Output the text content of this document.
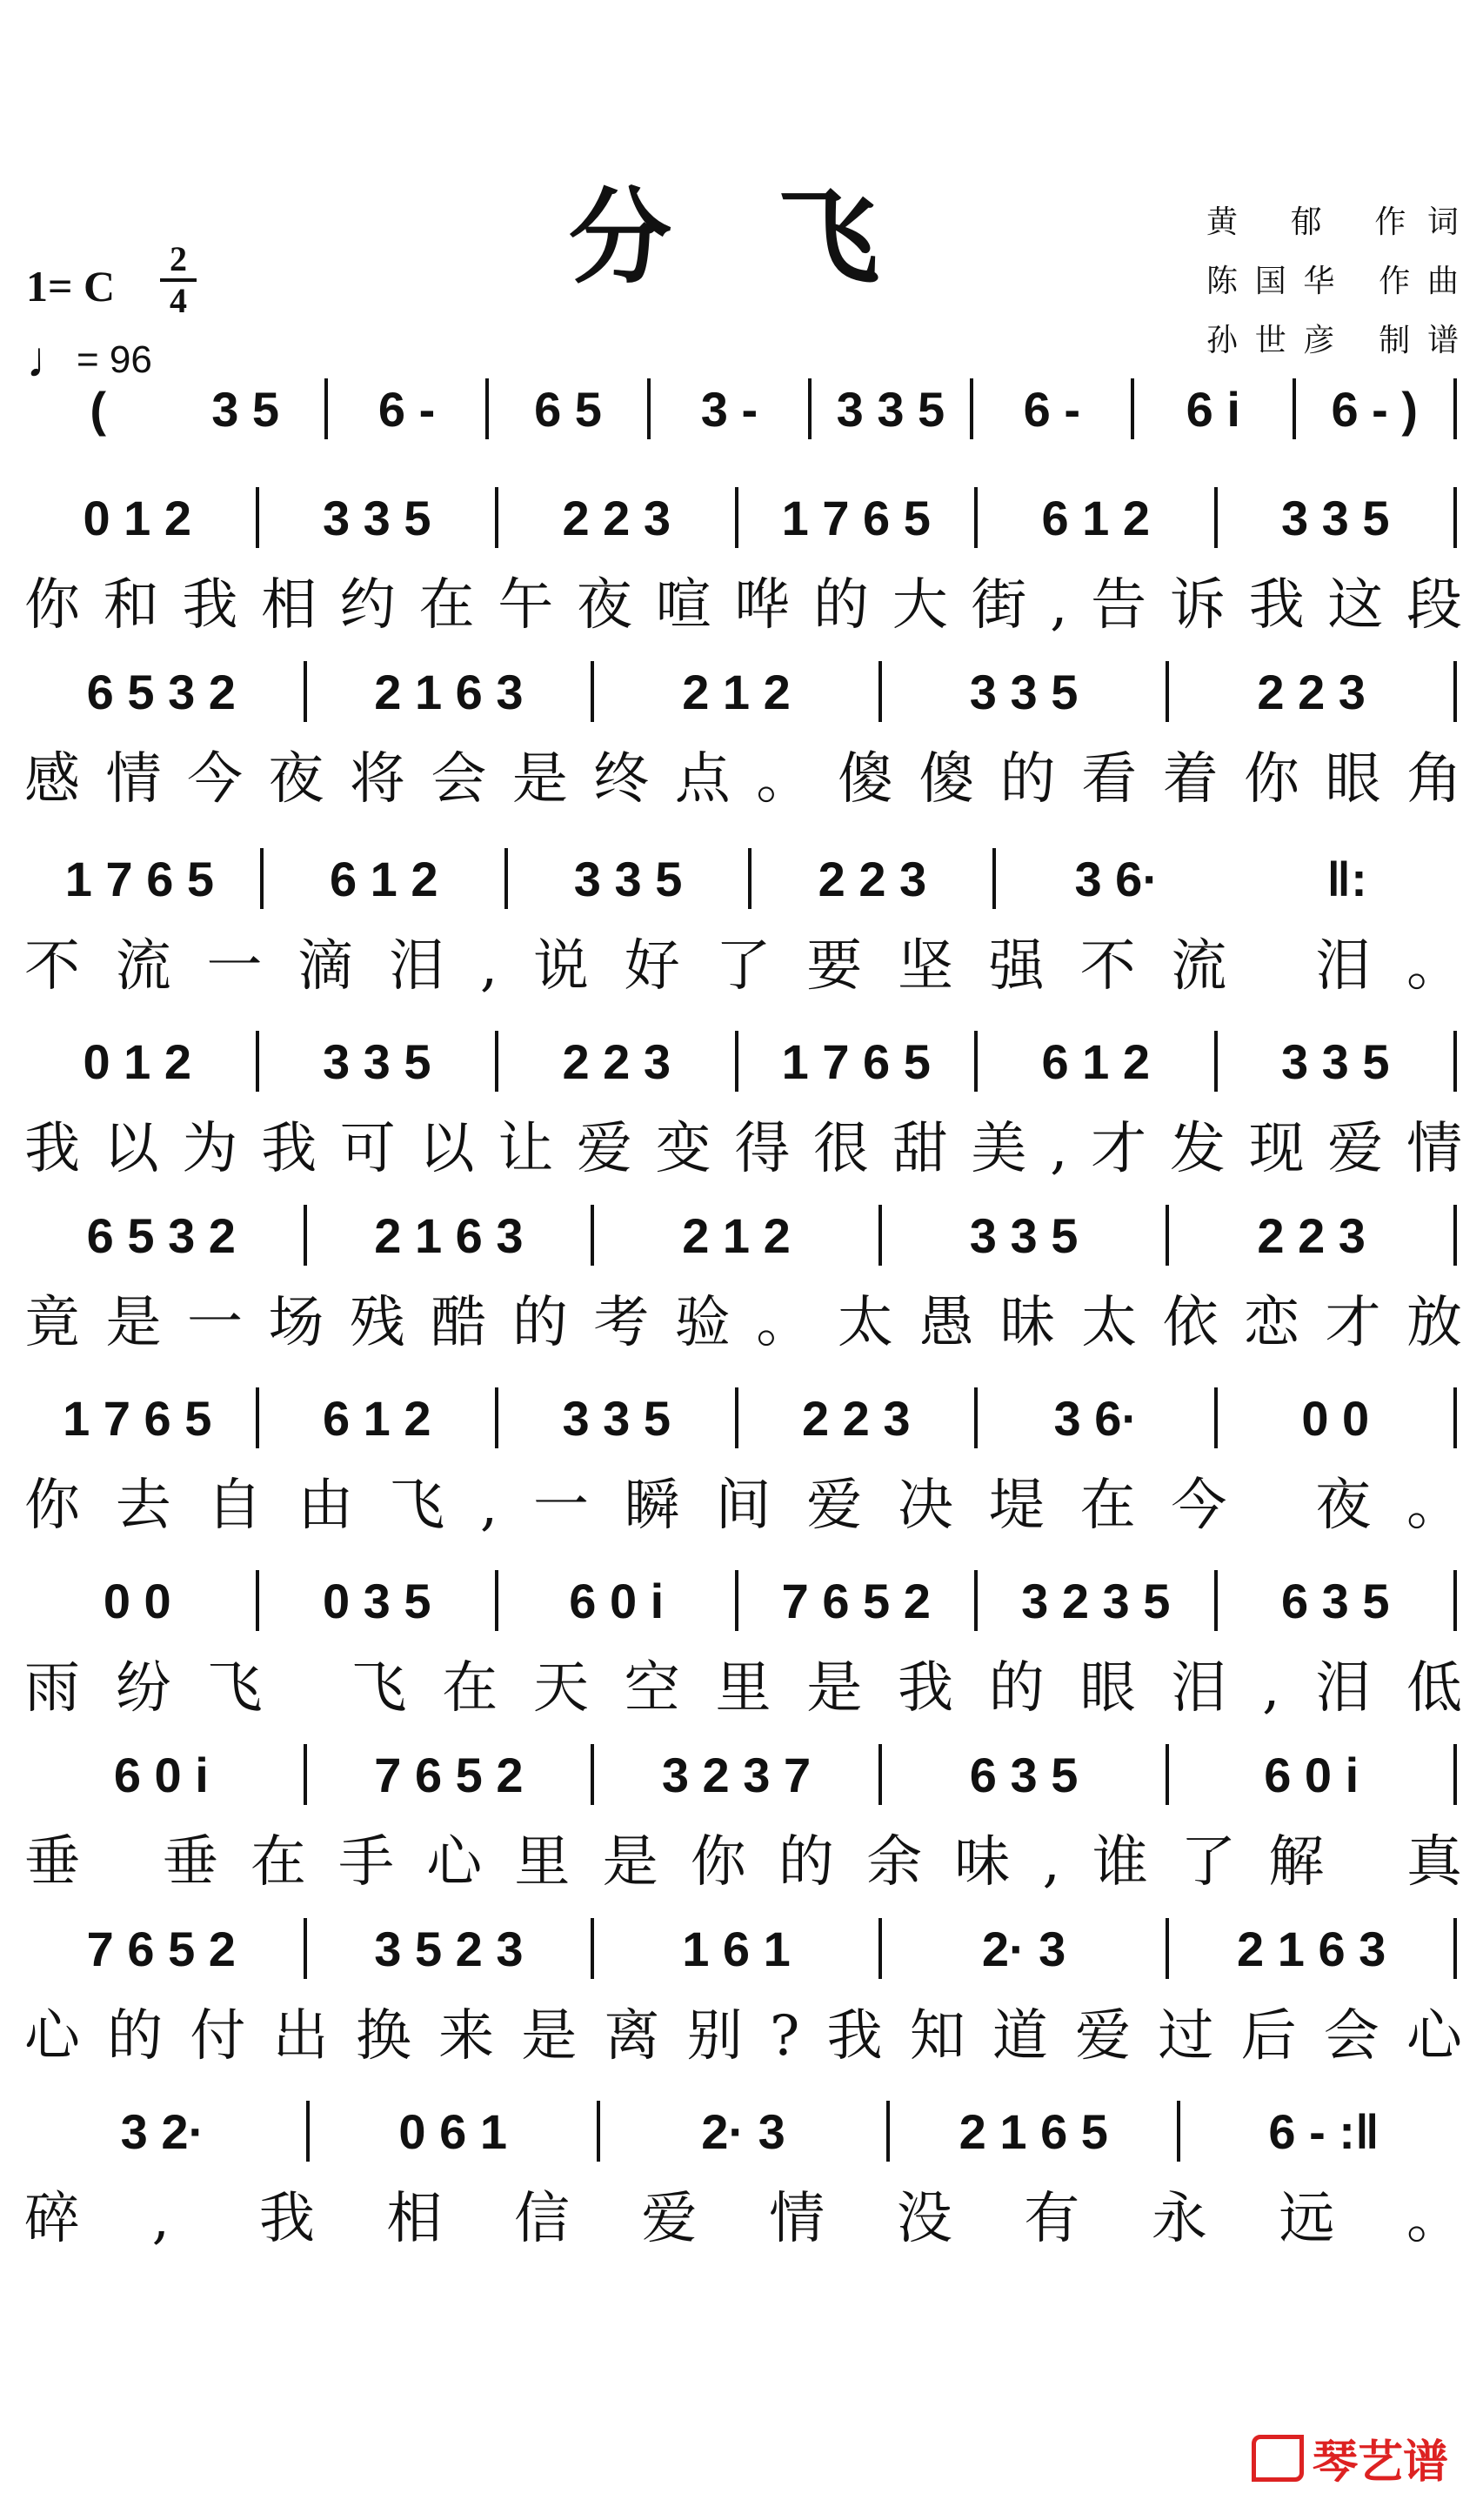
分 飞
1= C
2
4
♩ = 96
黄 郁 作词
陈国华 作曲
孙世彦 制谱
(	3 5	6 -	6 5	3 -	3 3 5	6 -	6 i	6 - )
0 1 2	3 3 5	2 2 3	1 7 6 5	6 1 2	3 3 5
你和我相约在午夜喧哗的大街,告诉我这段
6 5 3 2	2 1 6 3	2 1 2	3 3 5	2 2 3
感情今夜将会是终点。傻傻的看着你眼角
1 7 6 5	6 1 2	3 3 5	2 2 3	3 6·	‖:
不流一滴泪,说好了要坚强不流 泪。
0 1 2	3 3 5	2 2 3	1 7 6 5	6 1 2	3 3 5
我以为我可以让爱变得很甜美,才发现爱情
6 5 3 2	2 1 6 3	2 1 2	3 3 5	2 2 3
竟是一场残酷的考验。太愚昧太依恋才放
1 7 6 5	6 1 2	3 3 5	2 2 3	3 6·	0 0
你去自由飞,一瞬间爱决堤在今 夜。
0 0	0 3 5	6 0 i	7 6 5 2	3 2 3 5	6 3 5
雨纷飞 飞在天空里是我的眼泪,泪低
6 0 i	7 6 5 2	3 2 3 7	6 3 5	6 0 i
垂 垂在手心里是你的余味,谁了解 真
7 6 5 2	3 5 2 3	1 6 1	2· 3	2 1 6 3
心的付出换来是离别?我知道爱过后会心
3 2·	0 6 1	2· 3	2 1 6 5	6 - :‖
碎, 我相信爱情没有永远。
琴艺谱
